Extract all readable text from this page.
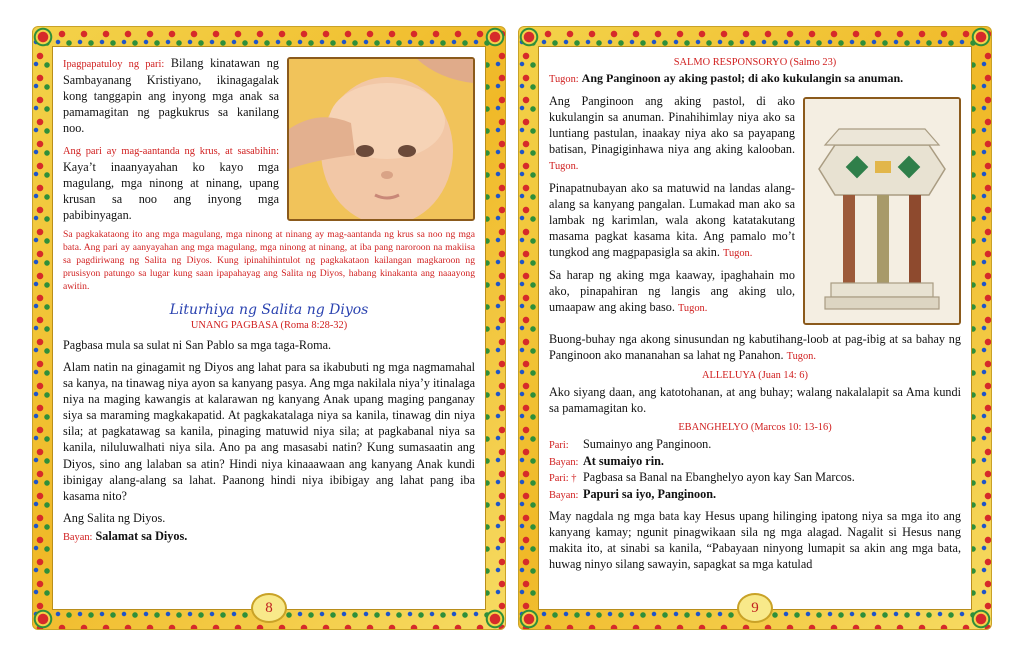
Ipagpapatuloy ng pari: Bilang kinatawan ng Sambayanang Kristiyano, ikinagagalak kong tanggapin ang inyong mga anak sa pamamagitan ng pagkukrus sa kanilang noo.

Ang pari ay mag-aantanda ng krus, at sasabihin: Kaya’t inaanyayahan ko kayo mga magulang, mga ninong at ninang, upang krusan sa noo ang inyong mga pabibinyagan.

Sa pagkakataong ito ang mga magulang, mga ninong at ninang ay mag-aantanda ng krus sa noo ng mga bata. Ang pari ay aanyayahan ang mga magulang, mga ninong at ninang, at iba pang naroroon na makiisa sa pagdiriwang ng Salita ng Diyos. Kung ipinahihintulot ng pagkakataon kailangan magkaroon ng prusisyon patungo sa lugar kung saan ipapahayag ang Salita ng Diyos, habang kinakanta ang naaayong awitin.

Liturhiya ng Salita ng Diyos
UNANG PAGBASA (Roma 8:28-32)

Pagbasa mula sa sulat ni San Pablo sa mga taga-Roma.

Alam natin na ginagamit ng Diyos ang lahat para sa ikabubuti ng mga nagmamahal sa kanya, na tinawag niya ayon sa kanyang pasya. Ang mga nakilala niya’y itinalaga niya na maging kawangis at kalarawan ng kanyang Anak upang maging panganay siya sa maraming magkakapatid. At pagkakatalaga niya sa kanila, tinawag din niya sila; at pagkatawag sa kanila, pinaging matuwid niya sila; at pagkabanal niya sa kanila, niluluwalhati niya sila. Ano pa ang masasabi natin? Kung sumasaatin ang Diyos, sino ang lalaban sa atin? Hindi niya kinaaawaan ang kanyang Anak kundi ibinigay alang-alang sa lahat. Paanong hindi niya ibibigay ang lahat pang iba kasama nito?

Ang Salita ng Diyos.

Bayan: Salamat sa Diyos.

8
SALMO RESPONSORYO (Salmo 23)

Tugon: Ang Panginoon ay aking pastol; di ako kukulangin sa anuman.

Ang Panginoon ang aking pastol, di ako kukulangin sa anuman. Pinahihimlay niya ako sa luntiang pastulan, inaakay niya ako sa payapang batisan, Pinagiginhawa niya ang aking kalooban. Tugon.

Pinapatnubayan ako sa matuwid na landas alang-alang sa kanyang pangalan. Lumakad man ako sa lambak ng karimlan, wala akong katatakutang masama pagkat kasama kita. Ang pamalo mo’t tungkod ang magpapasigla sa akin. Tugon.

Sa harap ng aking mga kaaway, ipaghahain mo ako, pinapahiran ng langis ang aking ulo, umaapaw ang aking baso. Tugon.

Buong-buhay nga akong sinusundan ng kabutihang-loob at pag-ibig at sa bahay ng Panginoon ako mananahan sa lahat ng Panahon. Tugon.

ALLELUYA (Juan 14: 6)

Ako siyang daan, ang katotohanan, at ang buhay; walang nakalalapit sa Ama kundi sa pamamagitan ko.

EBANGHELYO (Marcos 10: 13-16)
Pari: Sumainyo ang Panginoon.
Bayan: At sumaiyo rin.
Pari: † Pagbasa sa Banal na Ebanghelyo ayon kay San Marcos.
Bayan: Papuri sa iyo, Panginoon.

May nagdala ng mga bata kay Hesus upang hilinging ipatong niya sa mga ito ang kanyang kamay; ngunit pinagwikaan sila ng mga alagad. Nagalit si Hesus nang makita ito, at sinabi sa kanila, “Pabayaan ninyong lumapit sa akin ang mga bata, huwag ninyo silang sawayin, sapagkat sa mga katulad

9
